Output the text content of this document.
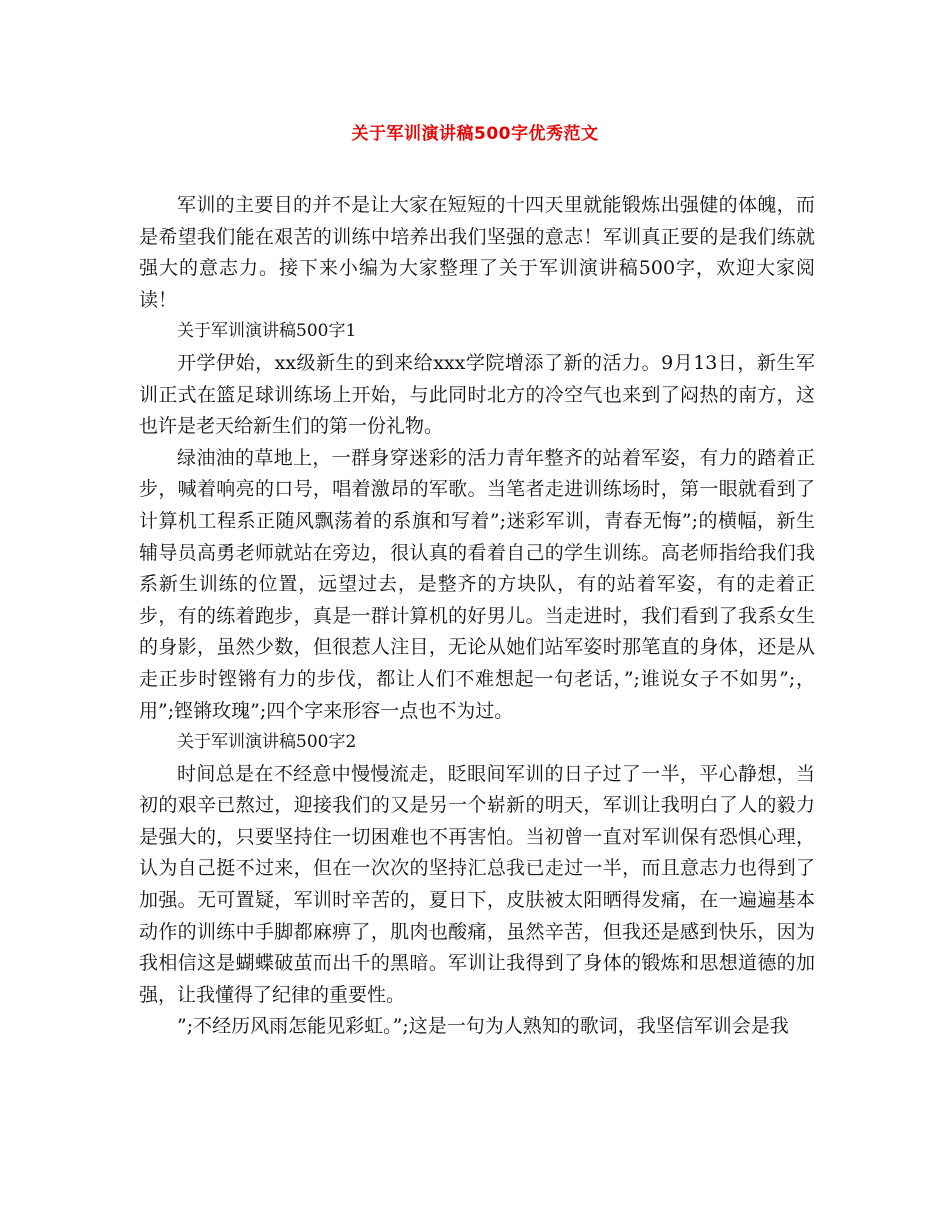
关于军训演讲稿500字优秀范文

军训的主要目的并不是让大家在短短的十四天里就能锻炼出强健的体魄，而是希望我们能在艰苦的训练中培养出我们坚强的意志！军训真正要的是我们练就强大的意志力。接下来小编为大家整理了关于军训演讲稿500字，欢迎大家阅读！

关于军训演讲稿500字1

开学伊始，xx级新生的到来给xxx学院增添了新的活力。9月13日，新生军训正式在篮足球训练场上开始，与此同时北方的冷空气也来到了闷热的南方，这也许是老天给新生们的第一份礼物。

绿油油的草地上，一群身穿迷彩的活力青年整齐的站着军姿，有力的踏着正步，喊着响亮的口号，唱着激昂的军歌。当笔者走进训练场时，第一眼就看到了计算机工程系正随风飘荡着的系旗和写着”;迷彩军训，青春无悔”;的横幅，新生辅导员高勇老师就站在旁边，很认真的看着自己的学生训练。高老师指给我们我系新生训练的位置，远望过去，是整齐的方块队，有的站着军姿，有的走着正步，有的练着跑步，真是一群计算机的好男儿。当走进时，我们看到了我系女生的身影，虽然少数，但很惹人注目，无论从她们站军姿时那笔直的身体，还是从走正步时铿锵有力的步伐，都让人们不难想起一句老话，”;谁说女子不如男”;，用”;铿锵玫瑰”;四个字来形容一点也不为过。

关于军训演讲稿500字2

时间总是在不经意中慢慢流走，眨眼间军训的日子过了一半，平心静想，当初的艰辛已熬过，迎接我们的又是另一个崭新的明天，军训让我明白了人的毅力是强大的，只要坚持住一切困难也不再害怕。当初曾一直对军训保有恐惧心理，认为自己挺不过来，但在一次次的坚持汇总我已走过一半，而且意志力也得到了加强。无可置疑，军训时辛苦的，夏日下，皮肤被太阳晒得发痛，在一遍遍基本动作的训练中手脚都麻痹了，肌肉也酸痛，虽然辛苦，但我还是感到快乐，因为我相信这是蝴蝶破茧而出千的黑暗。军训让我得到了身体的锻炼和思想道德的加强，让我懂得了纪律的重要性。

”;不经历风雨怎能见彩虹。”;这是一句为人熟知的歌词，我坚信军训会是我
